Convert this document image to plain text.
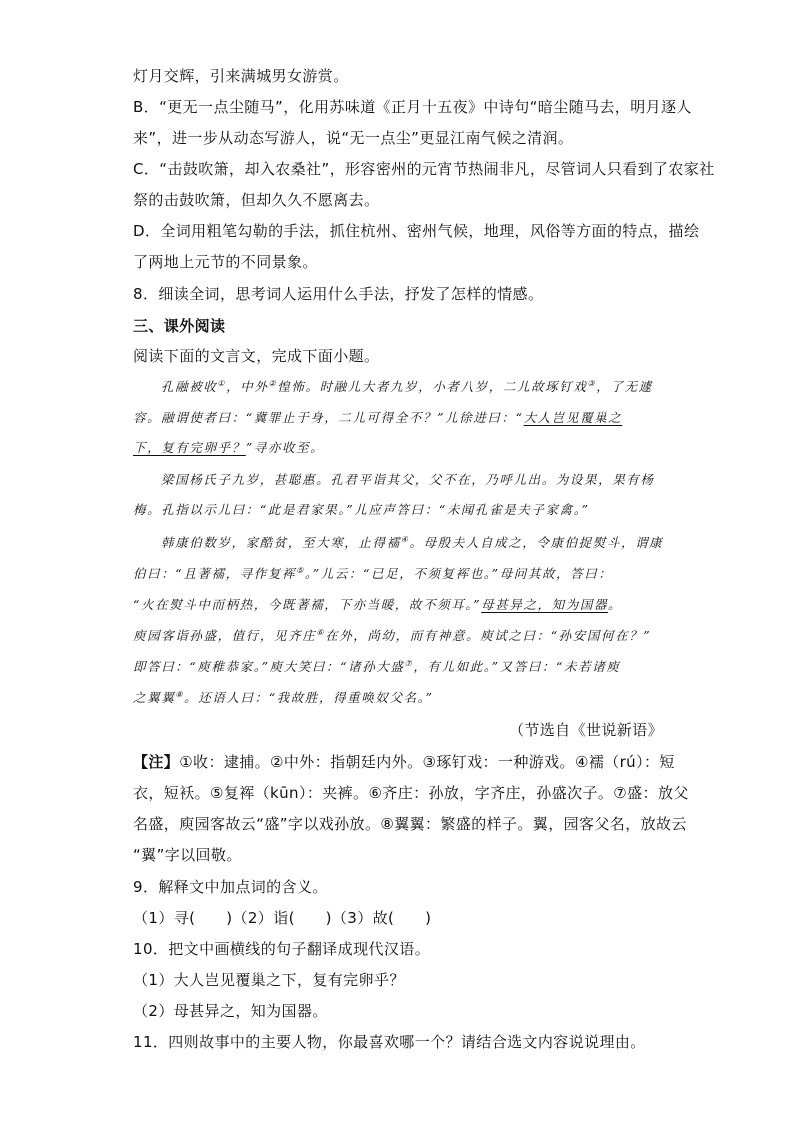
灯月交辉，引来满城男女游赏。
B．“更无一点尘随马”，化用苏味道《正月十五夜》中诗句“暗尘随马去，明月逐人
来”，进一步从动态写游人，说“无一点尘”更显江南气候之清润。
C．“击鼓吹箫，却入农桑社”，形容密州的元宵节热闹非凡，尽管词人只看到了农家社
祭的击鼓吹箫，但却久久不愿离去。
D．全词用粗笔勾勒的手法，抓住杭州、密州气候，地理，风俗等方面的特点，描绘
了两地上元节的不同景象。
8．细读全词，思考词人运用什么手法，抒发了怎样的情感。
三、课外阅读
阅读下面的文言文，完成下面小题。
孔融被收①，中外②惶怖。时融儿大者九岁，小者八岁，二儿故琢钉戏③，了无遽
容。融谓使者曰：“冀罪止于身，二儿可得全不？”儿徐进曰：“大人岂见覆巢之
下，复有完卵乎？”寻亦收至。
梁国杨氏子九岁，甚聪惠。孔君平诣其父，父不在，乃呼儿出。为设果，果有杨
梅。孔指以示儿曰：“此是君家果。”儿应声答曰：“未闻孔雀是夫子家禽。”
韩康伯数岁，家酷贫，至大寒，止得襦④。母殷夫人自成之，令康伯捉熨斗，谓康
伯曰：“且著襦，寻作复裈⑤。”儿云：“已足，不须复裈也。”母问其故，答曰：
“火在熨斗中而柄热，今既著襦，下亦当暖，故不须耳。”母甚异之，知为国器。
庾园客诣孙盛，值行，见齐庄⑥在外，尚幼，而有神意。庾试之曰：“孙安国何在？”
即答曰：“庾稚恭家。”庾大笑曰：“诸孙大盛⑦，有儿如此。”又答曰：“未若诸庾
之翼翼⑧。还语人曰：“我故胜，得重唤奴父名。”
（节选自《世说新语》
【注】①收：逮捕。②中外：指朝廷内外。③琢钉戏：一种游戏。④襦（rú）：短
衣，短袄。⑤复裈（kūn）：夹裤。⑥齐庄：孙放，字齐庄，孙盛次子。⑦盛：放父
名盛，庾园客故云“盛”字以戏孙放。⑧翼翼：繁盛的样子。翼，园客父名，放故云
“翼”字以回敬。
9．解释文中加点词的含义。
（1）寻(　　)（2）诣(　　)（3）故(　　)
10．把文中画横线的句子翻译成现代汉语。
（1）大人岂见覆巢之下，复有完卵乎？
（2）母甚异之，知为国器。
11．四则故事中的主要人物，你最喜欢哪一个？请结合选文内容说说理由。
